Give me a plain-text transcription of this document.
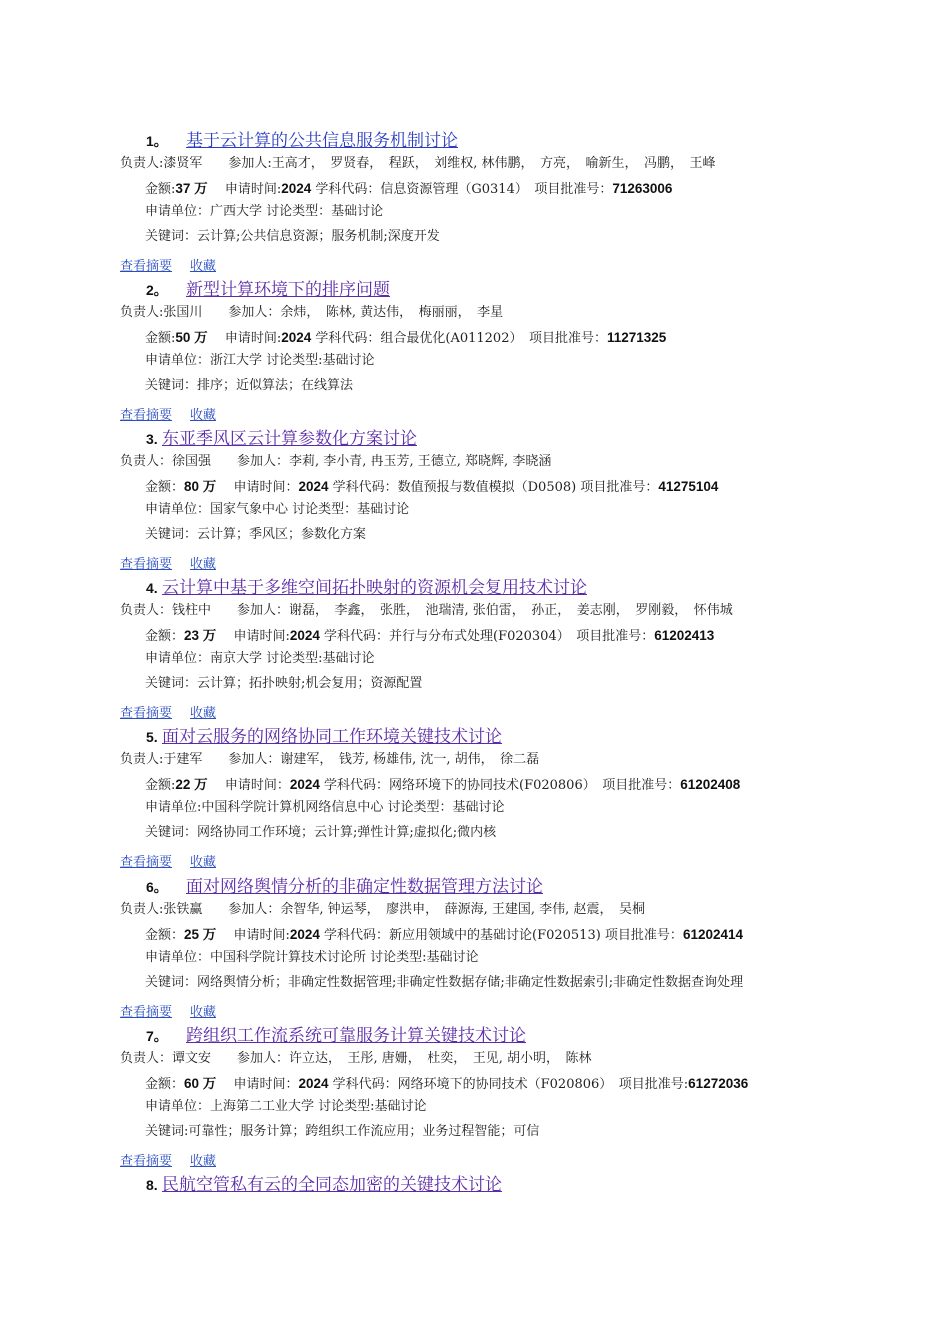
1。	基于云计算的公共信息服务机制讨论
负责人:漆贤军　　参加人:王高才，　罗贤春，　程跃，　刘维权, 林伟鹏，　方亮，　喻新生，　冯鹏，　王峰
金额:37 万　 申请时间:2024 学科代码：信息资源管理（G0314）　项目批准号：71263006
申请单位：广西大学 讨论类型：基础讨论
关键词：云计算;公共信息资源；服务机制;深度开发
查看摘要 收藏
2。	新型计算环境下的排序问题
负责人:张国川　　参加人：余炜，　陈林, 黄达伟，　梅丽丽，　李星
金额:50 万　 申请时间:2024 学科代码：组合最优化(A011202）　项目批准号：11271325
申请单位：浙江大学 讨论类型:基础讨论
关键词：排序；近似算法；在线算法
查看摘要 收藏
3. 东亚季风区云计算参数化方案讨论
负责人：徐国强　　参加人：李莉, 李小青, 冉玉芳, 王德立, 郑晓辉, 李晓涵
金额：80 万　 申请时间：2024 学科代码：数值预报与数值模拟（D0508) 项目批准号：41275104
申请单位：国家气象中心 讨论类型：基础讨论
关键词：云计算；季风区；参数化方案
查看摘要 收藏
4. 云计算中基于多维空间拓扑映射的资源机会复用技术讨论
负责人：钱柱中　　参加人：谢磊，　李鑫，　张胜，　池瑞清, 张伯雷，　孙正，　姜志刚，　罗刚毅，　怀伟城
金额：23 万　 申请时间:2024 学科代码：并行与分布式处理(F020304）　项目批准号：61202413
申请单位：南京大学 讨论类型:基础讨论
关键词：云计算；拓扑映射;机会复用；资源配置
查看摘要 收藏
5. 面对云服务的网络协同工作环境关键技术讨论
负责人:于建军　　参加人：谢建军，　钱芳, 杨雄伟, 沈一, 胡伟，　徐二磊
金额:22 万　 申请时间：2024 学科代码：网络环境下的协同技术(F020806）　项目批准号：61202408
申请单位:中国科学院计算机网络信息中心 讨论类型：基础讨论
关键词：网络协同工作环境；云计算;弹性计算;虚拟化;微内核
查看摘要 收藏
6。	面对网络舆情分析的非确定性数据管理方法讨论
负责人:张铁赢　　参加人：余智华, 钟运琴，　廖洪申，　薛源海, 王建国, 李伟, 赵震，　吴桐
金额：25 万　 申请时间:2024 学科代码：新应用领域中的基础讨论(F020513) 项目批准号：61202414
申请单位：中国科学院计算技术讨论所 讨论类型:基础讨论
关键词：网络舆情分析；非确定性数据管理;非确定性数据存储;非确定性数据索引;非确定性数据查询处理
查看摘要 收藏
7。	跨组织工作流系统可靠服务计算关键技术讨论
负责人：谭文安　　参加人：许立达，　王彤, 唐姗，　杜奕，　王见, 胡小明，　陈林
金额：60 万　 申请时间：2024 学科代码：网络环境下的协同技术（F020806）　项目批准号:61272036
申请单位：上海第二工业大学 讨论类型:基础讨论
关键词:可靠性；服务计算；跨组织工作流应用；业务过程智能；可信
查看摘要 收藏
8. 民航空管私有云的全同态加密的关键技术讨论
